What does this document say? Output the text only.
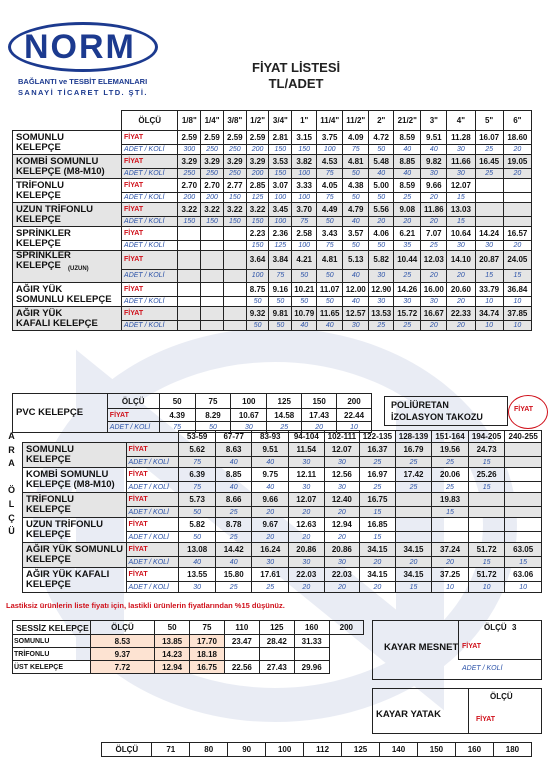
NORM
BAĞLANTI ve TESBİT ELEMANLARI
SANAYİ TİCARET LTD. ŞTİ.
FİYAT LİSTESİ
TL/ADET
	ÖLÇÜ	1/8"	1/4"	3/8"	1/2"	3/4"	1"	11/4"	11/2"	2"	21/2"	3"	4"	5"	6"

SOMUNLU
KELEPÇE	FİYAT	2.59	2.59	2.59	2.59	2.81	3.15	3.75	4.09	4.72	8.59	9.51	11.28	16.07	18.60
	ADET / KOLİ	300	250	250	200	150	150	100	75	50	40	40	30	25	20

KOMBİ SOMUNLU
KELEPÇE (M8-M10)	FİYAT	3.29	3.29	3.29	3.29	3.53	3.82	4.53	4.81	5.48	8.85	9.82	11.66	16.45	19.05
	ADET / KOLİ	250	250	250	200	150	100	75	50	40	40	30	30	25	20

TRİFONLU
KELEPÇE	FİYAT	2.70	2.70	2.77	2.85	3.07	3.33	4.05	4.38	5.00	8.59	9.66	12.07		
	ADET / KOLİ	200	200	150	125	100	100	75	50	50	25	20	15		

UZUN TRİFONLU
KELEPÇE	FİYAT	3.22	3.22	3.22	3.22	3.45	3.70	4.49	4.79	5.56	9.08	11.86	13.03		
	ADET / KOLİ	150	150	150	150	100	75	50	40	20	20	20	15		

SPRİNKLER
KELEPÇE	FİYAT				2.23	2.36	2.58	3.43	3.57	4.06	6.21	7.07	10.64	14.24	16.57
	ADET / KOLİ				150	125	100	75	50	50	35	25	30	30	20

SPRİNKLER
KELEPÇE $^{(UZUN)}$	FİYAT				3.64	3.84	4.21	4.81	5.13	5.82	10.44	12.03	14.10	20.87	24.05
	ADET / KOLİ				100	75	50	50	40	30	25	20	20	15	15

AĞIR YÜK
SOMUNLU KELEPÇE	FİYAT				8.75	9.16	10.21	11.07	12.00	12.90	14.26	16.00	20.60	33.79	36.84
	ADET / KOLİ				50	50	50	50	40	30	30	30	20	10	10

AĞIR YÜK
KAFALI KELEPÇE	FİYAT				9.32	9.81	10.79	11.65	12.57	13.53	15.72	16.67	22.33	34.74	37.85
	ADET / KOLİ				50	50	40	40	30	25	25	20	20	10	10
PVC KELEPÇE	ÖLÇÜ	50	75	100	125	150	200
	FİYAT	4.39	8.29	10.67	14.58	17.43	22.44
	ADET / KOLİ	75	50	30	25	20	10
POLİÜRETAN
İZOLASYON TAKOZU
FİYAT
A
R
A

Ö
L
Ç
Ü
		53-59	67-77	83-93	94-104	102-111	122-135	128-139	151-164	194-205	240-255

SOMUNLU
KELEPÇE	FİYAT	5.62	8.63	9.51	11.54	12.07	16.37	16.79	19.56	24.73	
	ADET / KOLİ	75	40	40	30	30	25	25	25	15	

KOMBİ SOMUNLU
KELEPÇE (M8-M10)	FİYAT	6.39	8.85	9.75	12.11	12.56	16.97	17.42	20.06	25.26	
	ADET / KOLİ	75	40	40	30	30	25	25	25	15	

TRİFONLU
KELEPÇE	FİYAT	5.73	8.66	9.66	12.07	12.40	16.75		19.83		
	ADET / KOLİ	50	25	20	20	20	15		15		

UZUN TRİFONLU
KELEPÇE	FİYAT	5.82	8.78	9.67	12.63	12.94	16.85				
	ADET / KOLİ	50	25	20	20	20	15				

AĞIR YÜK SOMUNLU
KELEPÇE	FİYAT	13.08	14.42	16.24	20.86	20.86	34.15	34.15	37.24	51.72	63.05
	ADET / KOLİ	40	40	30	30	30	20	20	20	15	15

AĞIR YÜK KAFALI
KELEPÇE	FİYAT	13.55	15.80	17.61	22.03	22.03	34.15	34.15	37.25	51.72	63.06
	ADET / KOLİ	30	25	25	20	20	20	15	10	10	10
Lastiksiz ürünlerin liste fiyatı için, lastikli ürünlerin fiyatlarından %15 düşünüz.
SESSİZ KELEPÇE	ÖLÇÜ	50	75	110	125	160	200
SOMUNLU	8.53	13.85	17.70	23.47	28.42	31.33	
TRİFONLU	9.37	14.23	18.18				
ÜST KELEPÇE	7.72	12.94	16.75	22.56	27.43	29.96	
KAYAR MESNET
ÖLÇÜ 3
FİYAT
ADET / KOLİ
KAYAR YATAK
ÖLÇÜ
FİYAT
	ÖLÇÜ	71	80	90	100	112	125	140	150	160	180
